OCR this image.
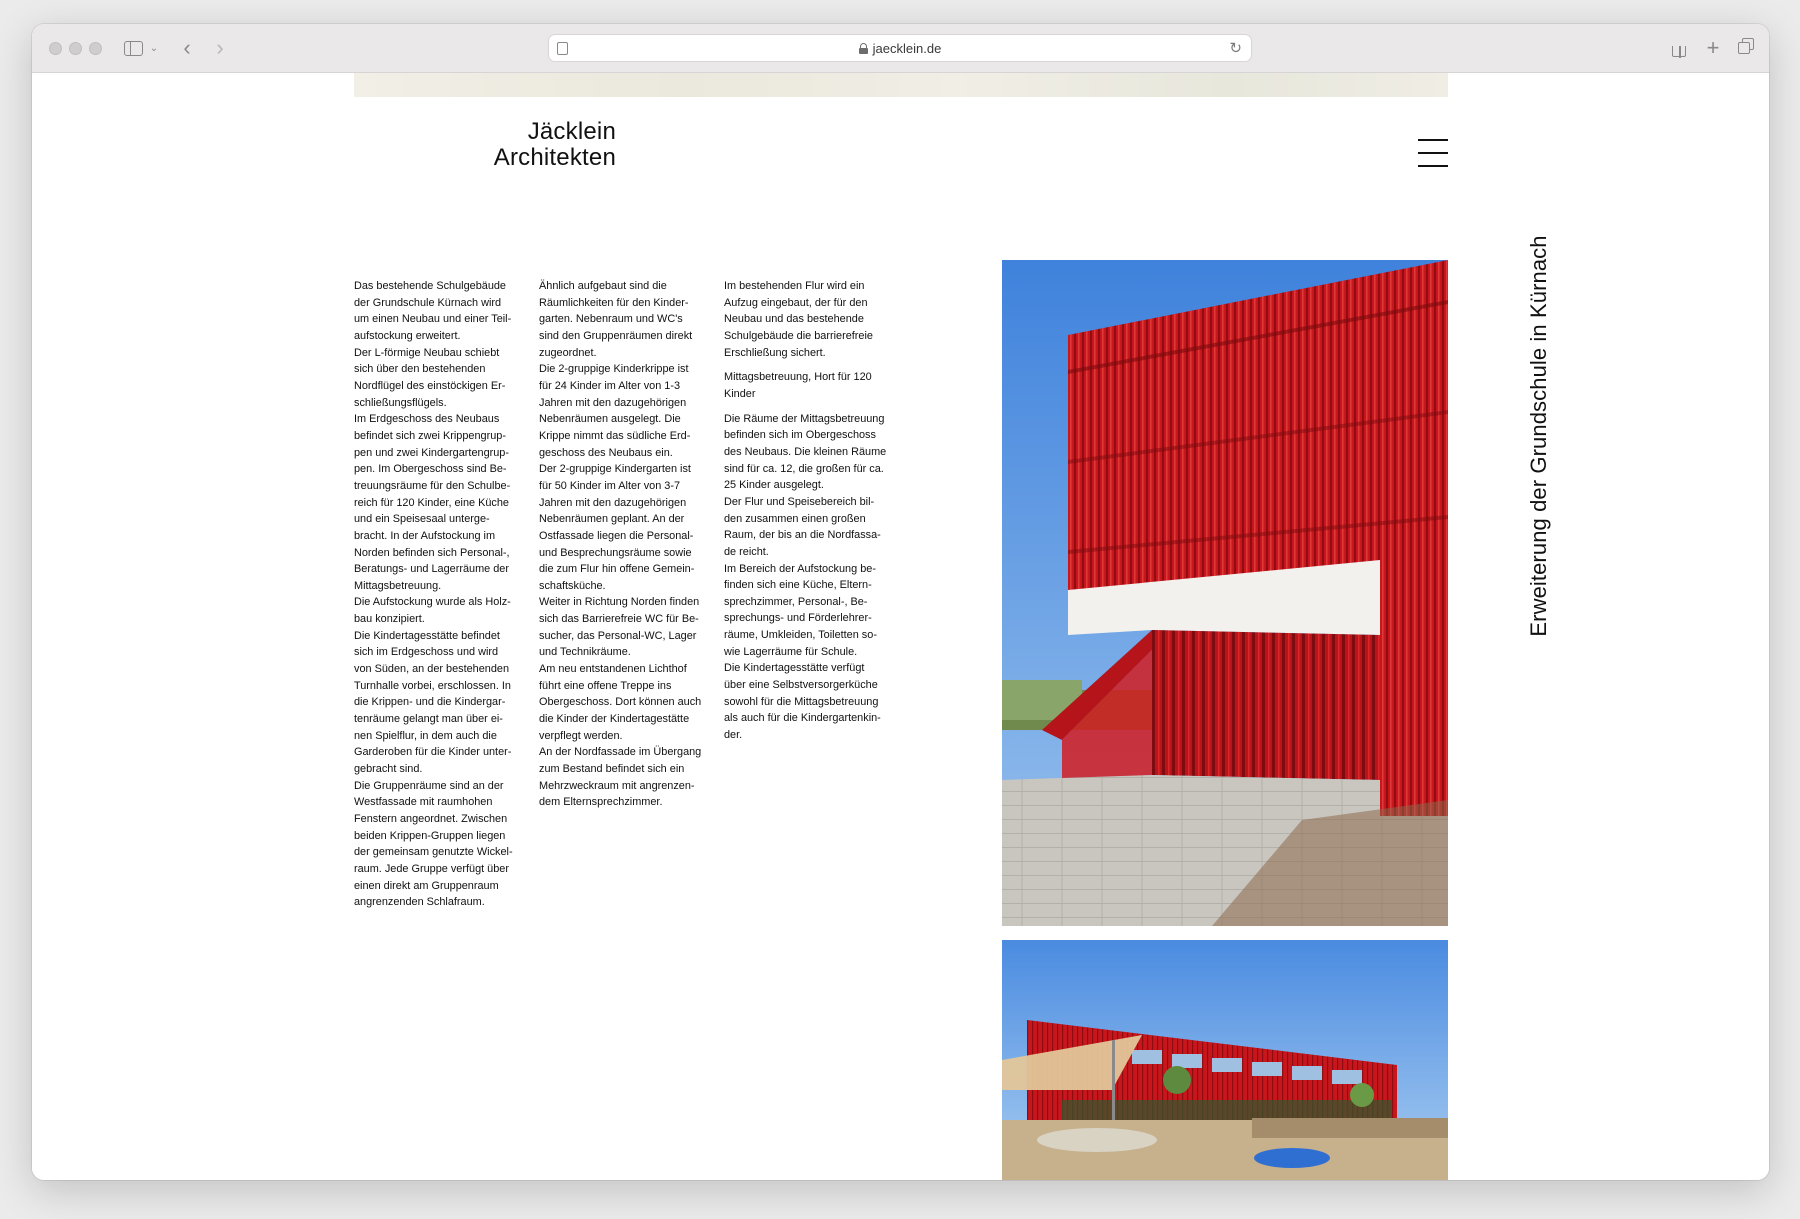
⌄ ‹ ›	jaecklein.de	↻	+
Jäcklein
Architekten

Das bestehende Schulgebäude

der Grundschule Kürnach wird

um einen Neubau und einer Teil-

aufstockung erweitert.

Der L-förmige Neubau schiebt

sich über den bestehenden

Nordflügel des einstöckigen Er-

schließungsflügels.

Im Erdgeschoss des Neubaus

befindet sich zwei Krippengrup-

pen und zwei Kindergartengrup-

pen. Im Obergeschoss sind Be-

treuungsräume für den Schulbe-

reich für 120 Kinder, eine Küche

und ein Speisesaal unterge-

bracht. In der Aufstockung im

Norden befinden sich Personal-,

Beratungs- und Lagerräume der

Mittagsbetreuung.

Die Aufstockung wurde als Holz-

bau konzipiert.

Die Kindertagesstätte befindet

sich im Erdgeschoss und wird

von Süden, an der bestehenden

Turnhalle vorbei, erschlossen. In

die Krippen- und die Kindergar-

tenräume gelangt man über ei-

nen Spielflur, in dem auch die

Garderoben für die Kinder unter-

gebracht sind.

Die Gruppenräume sind an der

Westfassade mit raumhohen

Fenstern angeordnet. Zwischen

beiden Krippen-Gruppen liegen

der gemeinsam genutzte Wickel-

raum. Jede Gruppe verfügt über

einen direkt am Gruppenraum

angrenzenden Schlafraum.

Ähnlich aufgebaut sind die

Räumlichkeiten für den Kinder-

garten. Nebenraum und WC's

sind den Gruppenräumen direkt

zugeordnet.

Die 2-gruppige Kinderkrippe ist

für 24 Kinder im Alter von 1-3

Jahren mit den dazugehörigen

Nebenräumen ausgelegt. Die

Krippe nimmt das südliche Erd-

geschoss des Neubaus ein.

Der 2-gruppige Kindergarten ist

für 50 Kinder im Alter von 3-7

Jahren mit den dazugehörigen

Nebenräumen geplant. An der

Ostfassade liegen die Personal-

und Besprechungsräume sowie

die zum Flur hin offene Gemein-

schaftsküche.

Weiter in Richtung Norden finden

sich das Barrierefreie WC für Be-

sucher, das Personal-WC, Lager

und Technikräume.

Am neu entstandenen Lichthof

führt eine offene Treppe ins

Obergeschoss. Dort können auch

die Kinder der Kindertagestätte

verpflegt werden.

An der Nordfassade im Übergang

zum Bestand befindet sich ein

Mehrzweckraum mit angrenzen-

dem Elternsprechzimmer.

Im bestehenden Flur wird ein

Aufzug eingebaut, der für den

Neubau und das bestehende

Schulgebäude die barrierefreie

Erschließung sichert.

Mittagsbetreuung, Hort für 120

Kinder

Die Räume der Mittagsbetreuung

befinden sich im Obergeschoss

des Neubaus. Die kleinen Räume

sind für ca. 12, die großen für ca.

25 Kinder ausgelegt.

Der Flur und Speisebereich bil-

den zusammen einen großen

Raum, der bis an die Nordfassa-

de reicht.

Im Bereich der Aufstockung be-

finden sich eine Küche, Eltern-

sprechzimmer, Personal-, Be-

sprechungs- und Förderlehrer-

räume, Umkleiden, Toiletten so-

wie Lagerräume für Schule.

Die Kindertagesstätte verfügt

über eine Selbstversorgerküche

sowohl für die Mittagsbetreuung

als auch für die Kindergartenkin-

der.

Erweiterung der Grundschule in Kürnach
